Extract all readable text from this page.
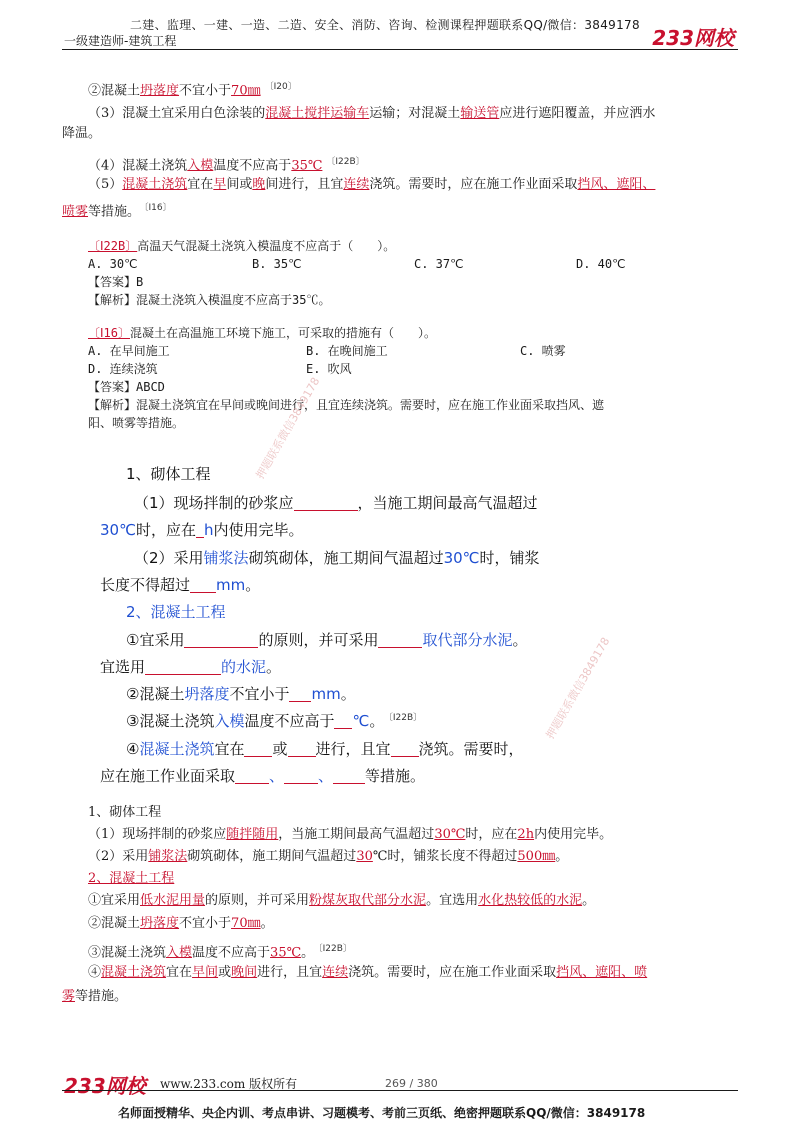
二建、监理、一建、一造、二造、安全、消防、咨询、检测课程押题联系QQ/微信：3849178
一级建造师-建筑工程	233网校
②混凝土坍落度不宜小于70㎜ $^{〔Ⅰ20〕}$
（3）混凝土宜采用白色涂装的混凝土搅拌运输车运输；对混凝土输送管应进行遮阳覆盖，并应洒水
降温。
（4）混凝土浇筑入模温度不应高于35℃ $^{〔Ⅰ22B〕}$
（5）混凝土浇筑宜在早间或晚间进行，且宜连续浇筑。需要时，应在施工作业面采取挡风、遮阳、
喷雾等措施。 $^{〔Ⅰ16〕}$
〔Ⅰ22B〕高温天气混凝土浇筑入模温度不应高于（　　）。
A. 30℃	B. 35℃	C. 37℃	D. 40℃
【答案】B
【解析】混凝土浇筑入模温度不应高于35℃。
〔Ⅰ16〕混凝土在高温施工环境下施工，可采取的措施有（　　）。
A. 在早间施工	B. 在晚间施工	C. 喷雾
D. 连续浇筑	E. 吹风
【答案】ABCD
【解析】混凝土浇筑宜在早间或晚间进行，且宜连续浇筑。需要时，应在施工作业面采取挡风、遮
阳、喷雾等措施。	押题联系微信3849178
押题联系微信3849178
1、砌体工程
（1）现场拌制的砂浆应	，当施工期间最高气温超过
30℃时，应在 h内使用完毕。
（2）采用铺浆法砌筑砌体，施工期间气温超过30℃时，铺浆
长度不得超过 mm。
2、混凝土工程
①宜采用	的原则，并可采用	取代部分水泥。
宜选用	的水泥。
②混凝土坍落度不宜小于 mm。
③混凝土浇筑入模温度不应高于 ℃。 $^{〔Ⅰ22B〕}$
④混凝土浇筑宜在 或 进行，且宜 浇筑。需要时，
应在施工作业面采取 、 、 等措施。
1、砌体工程
（1）现场拌制的砂浆应随拌随用，当施工期间最高气温超过30℃时，应在2h内使用完毕。
（2）采用铺浆法砌筑砌体，施工期间气温超过30℃时，铺浆长度不得超过500㎜。
2、混凝土工程
①宜采用低水泥用量的原则，并可采用粉煤灰取代部分水泥。宜选用水化热较低的水泥。
②混凝土坍落度不宜小于70㎜。
③混凝土浇筑入模温度不应高于35℃。 $^{〔Ⅰ22B〕}$
④混凝土浇筑宜在早间或晚间进行，且宜连续浇筑。需要时，应在施工作业面采取挡风、遮阳、喷
雾等措施。
233网校 www.233.com 版权所有	269 / 380
名师面授精华、央企内训、考点串讲、习题模考、考前三页纸、绝密押题联系QQ/微信：3849178
